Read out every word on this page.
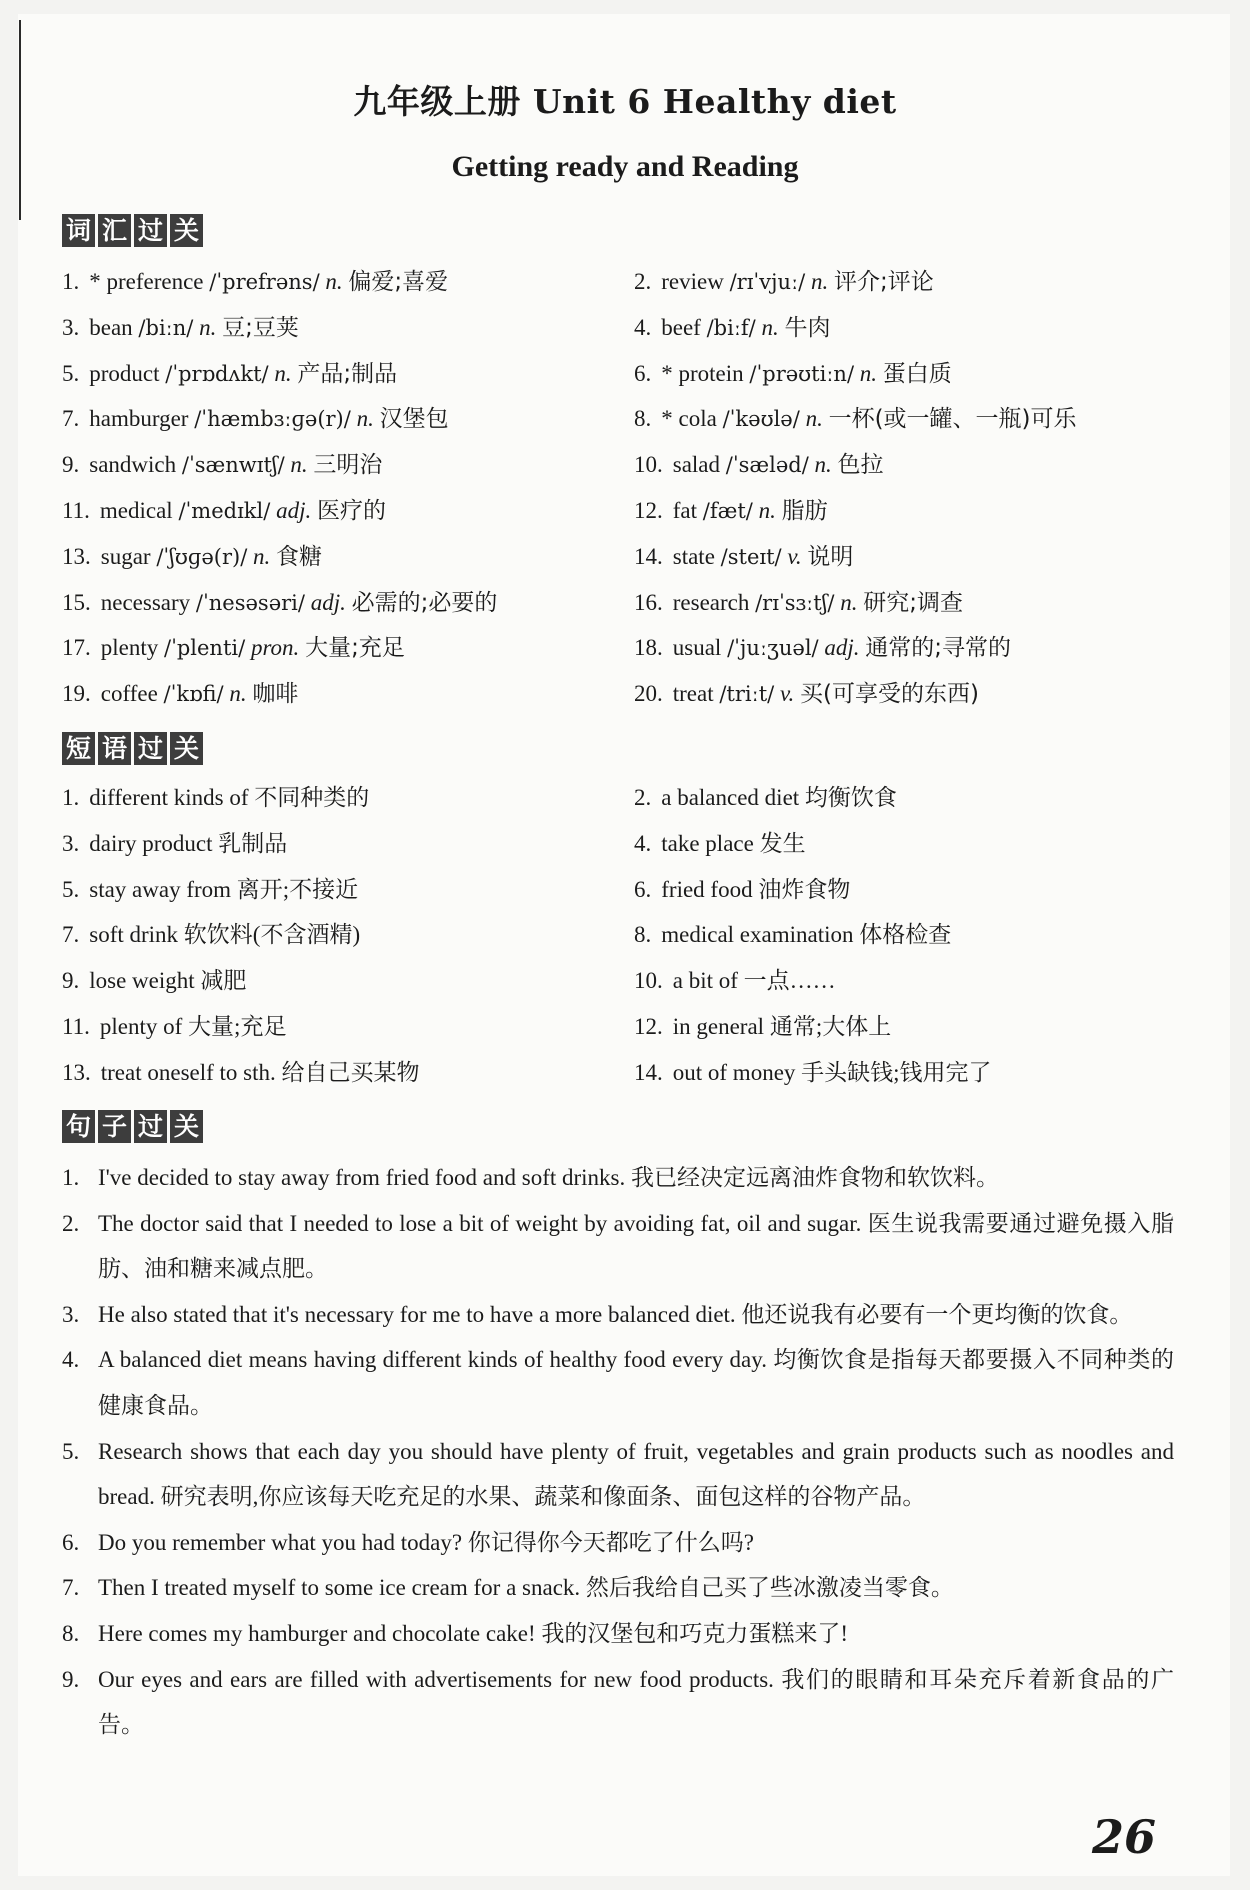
九年级上册 Unit 6 Healthy diet
Getting ready and Reading
词 汇 过 关
1. * preference /ˈprefrəns/ n. 偏爱;喜爱	2. review /rɪˈvjuː/ n. 评介;评论
3. bean /biːn/ n. 豆;豆荚	4. beef /biːf/ n. 牛肉
5. product /ˈprɒdʌkt/ n. 产品;制品	6. * protein /ˈprəʊtiːn/ n. 蛋白质
7. hamburger /ˈhæmbɜːɡə(r)/ n. 汉堡包	8. * cola /ˈkəʊlə/ n. 一杯(或一罐、一瓶)可乐
9. sandwich /ˈsænwɪtʃ/ n. 三明治	10. salad /ˈsæləd/ n. 色拉
11. medical /ˈmedɪkl/ adj. 医疗的	12. fat /fæt/ n. 脂肪
13. sugar /ˈʃʊɡə(r)/ n. 食糖	14. state /steɪt/ v. 说明
15. necessary /ˈnesəsəri/ adj. 必需的;必要的	16. research /rɪˈsɜːtʃ/ n. 研究;调查
17. plenty /ˈplenti/ pron. 大量;充足	18. usual /ˈjuːʒuəl/ adj. 通常的;寻常的
19. coffee /ˈkɒfi/ n. 咖啡	20. treat /triːt/ v. 买(可享受的东西)
短 语 过 关
1. different kinds of 不同种类的	2. a balanced diet 均衡饮食
3. dairy product 乳制品	4. take place 发生
5. stay away from 离开;不接近	6. fried food 油炸食物
7. soft drink 软饮料(不含酒精)	8. medical examination 体格检查
9. lose weight 减肥	10. a bit of 一点……
11. plenty of 大量;充足	12. in general 通常;大体上
13. treat oneself to sth. 给自己买某物	14. out of money 手头缺钱;钱用完了
句 子 过 关
1. I've decided to stay away from fried food and soft drinks. 我已经决定远离油炸食物和软饮料。
2. The doctor said that I needed to lose a bit of weight by avoiding fat, oil and sugar. 医生说我需要通过避免摄入脂肪、油和糖来减点肥。
3. He also stated that it's necessary for me to have a more balanced diet. 他还说我有必要有一个更均衡的饮食。
4. A balanced diet means having different kinds of healthy food every day. 均衡饮食是指每天都要摄入不同种类的健康食品。
5. Research shows that each day you should have plenty of fruit, vegetables and grain products such as noodles and bread. 研究表明,你应该每天吃充足的水果、蔬菜和像面条、面包这样的谷物产品。
6. Do you remember what you had today? 你记得你今天都吃了什么吗?
7. Then I treated myself to some ice cream for a snack. 然后我给自己买了些冰激凌当零食。
8. Here comes my hamburger and chocolate cake! 我的汉堡包和巧克力蛋糕来了!
9. Our eyes and ears are filled with advertisements for new food products. 我们的眼睛和耳朵充斥着新食品的广告。
26
